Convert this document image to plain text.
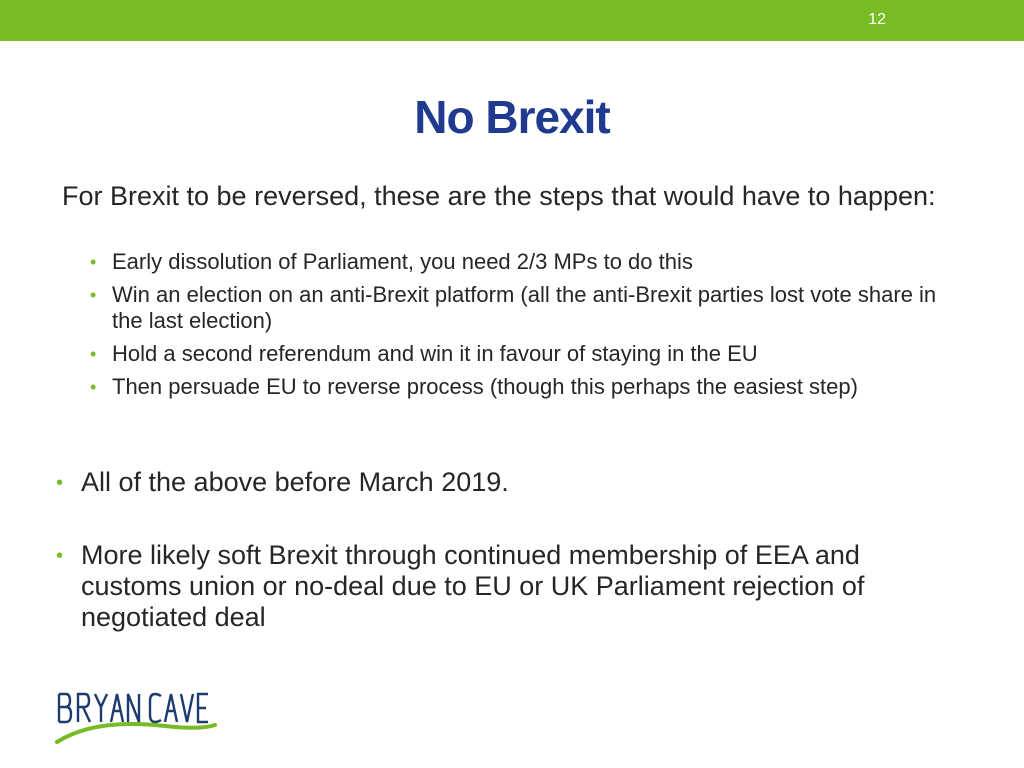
12
No Brexit
For Brexit to be reversed, these are the steps that would have to happen:
• Early dissolution of Parliament, you need 2/3 MPs to do this
• Win an election on an anti-Brexit platform (all the anti-Brexit parties lost vote share in the last election)
• Hold a second referendum and win it in favour of staying in the EU
• Then persuade EU to reverse process (though this perhaps the easiest step)
• All of the above before March 2019.
• More likely soft Brexit through continued membership of EEA and customs union or no-deal due to EU or UK Parliament rejection of negotiated deal
